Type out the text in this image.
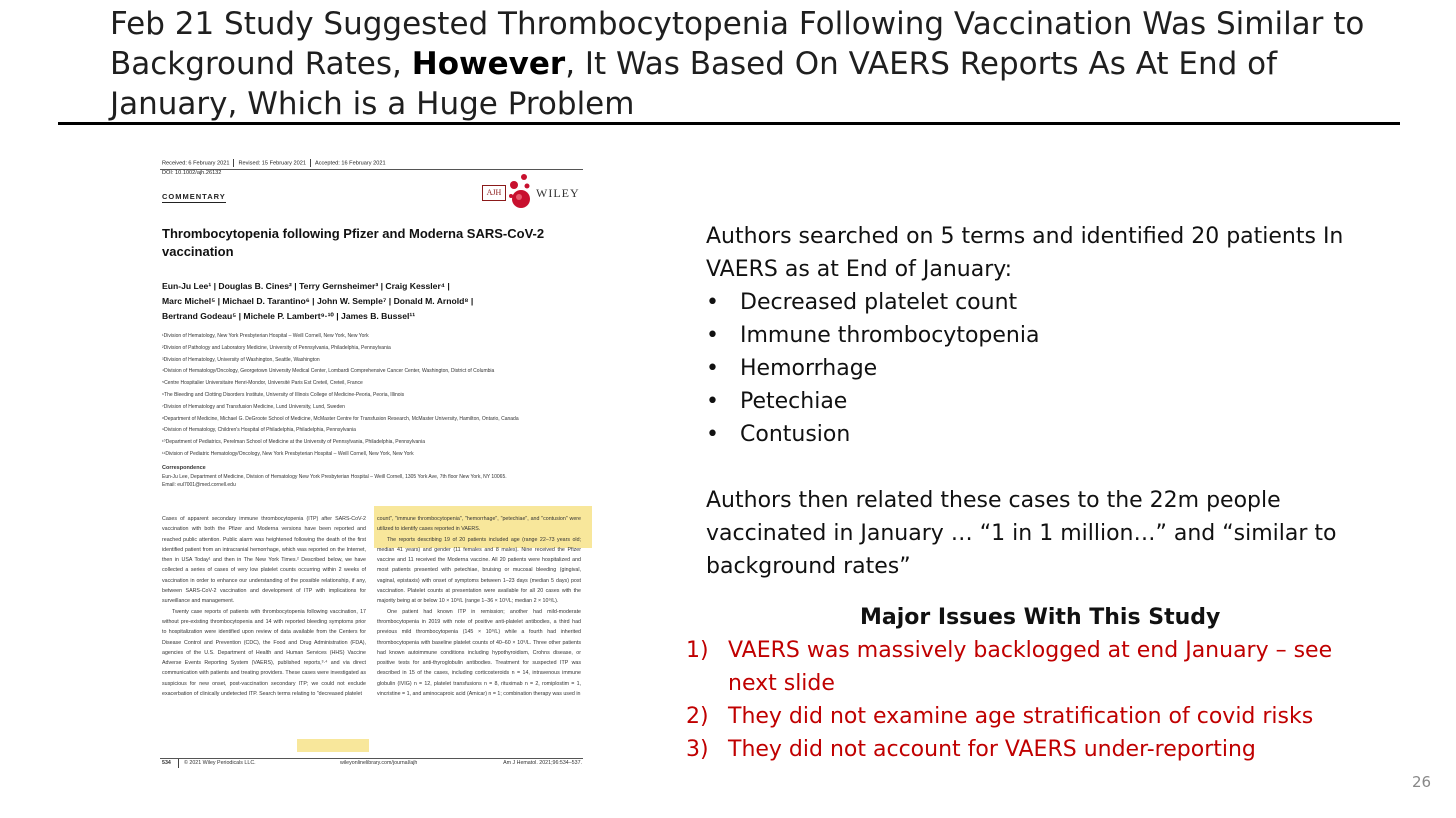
Feb 21 Study Suggested Thrombocytopenia Following Vaccination Was Similar to Background Rates, However, It Was Based On VAERS Reports As At End of January, Which is a Huge Problem
Received: 6 February 2021 Revised: 15 February 2021 Accepted: 16 February 2021
DOI: 10.1002/ajh.26132
COMMENTARY	AJH	WILEY
Thrombocytopenia following Pfizer and Moderna SARS-CoV-2 vaccination
Eun-Ju Lee¹ | Douglas B. Cines² | Terry Gernsheimer³ | Craig Kessler⁴ |
Marc Michel⁵ | Michael D. Tarantino⁶ | John W. Semple⁷ | Donald M. Arnold⁸ |
Bertrand Godeau⁵ | Michele P. Lambert⁹·¹⁰ | James B. Bussel¹¹
¹Division of Hematology, New York Presbyterian Hospital – Weill Cornell, New York, New York
²Division of Pathology and Laboratory Medicine, University of Pennsylvania, Philadelphia, Pennsylvania
³Division of Hematology, University of Washington, Seattle, Washington
⁴Division of Hematology/Oncology, Georgetown University Medical Center, Lombardi Comprehensive Cancer Center, Washington, District of Columbia
⁵Centre Hospitalier Universitaire Henri-Mondor, Université Paris Est Creteil, Creteil, France
⁶The Bleeding and Clotting Disorders Institute, University of Illinois College of Medicine-Peoria, Peoria, Illinois
⁷Division of Hematology and Transfusion Medicine, Lund University, Lund, Sweden
⁸Department of Medicine, Michael G. DeGroote School of Medicine, McMaster Centre for Transfusion Research, McMaster University, Hamilton, Ontario, Canada
⁹Division of Hematology, Children's Hospital of Philadelphia, Philadelphia, Pennsylvania
¹⁰Department of Pediatrics, Perelman School of Medicine at the University of Pennsylvania, Philadelphia, Pennsylvania
¹¹Division of Pediatric Hematology/Oncology, New York Presbyterian Hospital – Weill Cornell, New York, New York
Correspondence
Eun-Ju Lee, Department of Medicine, Division of Hematology New York Presbyterian Hospital – Weill Cornell, 1305 York Ave, 7th floor New York, NY 10065.
Email: eul7001@med.cornell.edu

Cases of apparent secondary immune thrombocytopenia (ITP) after SARS-CoV-2 vaccination with both the Pfizer and Moderna versions have been reported and reached public attention. Public alarm was heightened following the death of the first identified patient from an intracranial hemorrhage, which was reported on the Internet, then in USA Today¹ and then in The New York Times.² Described below, we have collected a series of cases of very low platelet counts occurring within 2 weeks of vaccination in order to enhance our understanding of the possible relationship, if any, between SARS-CoV-2 vaccination and development of ITP with implications for surveillance and management.

Twenty case reports of patients with thrombocytopenia following vaccination, 17 without pre-existing thrombocytopenia and 14 with reported bleeding symptoms prior to hospitalization were identified upon review of data available from the Centers for Disease Control and Prevention (CDC), the Food and Drug Administration (FDA), agencies of the U.S. Department of Health and Human Services (HHS) Vaccine Adverse Events Reporting System (VAERS), published reports,³·⁴ and via direct communication with patients and treating providers. These cases were investigated as suspicious for new onset, post-vaccination secondary ITP; we could not exclude exacerbation of clinically undetected ITP. Search terms relating to "decreased platelet

count", "immune thrombocytopenia", "hemorrhage", "petechiae", and "contusion" were utilized to identify cases reported in VAERS.

The reports describing 19 of 20 patients included age (range 22–73 years old; median 41 years) and gender (11 females and 8 males). Nine received the Pfizer vaccine and 11 received the Moderna vaccine. All 20 patients were hospitalized and most patients presented with petechiae, bruising or mucosal bleeding (gingival, vaginal, epistaxis) with onset of symptoms between 1–23 days (median 5 days) post vaccination. Platelet counts at presentation were available for all 20 cases with the majority being at or below 10 × 10⁹/L (range 1–36 × 10⁹/L; median 2 × 10⁹/L).

One patient had known ITP in remission; another had mild-moderate thrombocytopenia in 2019 with note of positive anti-platelet antibodies, a third had previous mild thrombocytopenia (145 × 10⁹/L) while a fourth had inherited thrombocytopenia with baseline platelet counts of 40–60 × 10⁹/L. Three other patients had known autoimmune conditions including hypothyroidism, Crohns disease, or positive tests for anti-thyroglobulin antibodies. Treatment for suspected ITP was described in 15 of the cases, including corticosteroids n = 14, intravenous immune globulin (IVIG) n = 12, platelet transfusions n = 8, rituximab n = 2, romiplostim = 1, vincristine = 1, and aminocaproic acid (Amicar) n = 1; combination therapy was used in

534 © 2021 Wiley Periodicals LLC.	wileyonlinelibrary.com/journal/ajh	Am J Hematol. 2021;96:534–537.

Authors searched on 5 terms and identified 20 patients In VAERS as at End of January:

• Decreased platelet count
• Immune thrombocytopenia
• Hemorrhage
• Petechiae
• Contusion

Authors then related these cases to the 22m people vaccinated in January … “1 in 1 million…” and “similar to background rates”

Major Issues With This Study
1) VAERS was massively backlogged at end January – see next slide
2) They did not examine age stratification of covid risks
3) They did not account for VAERS under-reporting
26
